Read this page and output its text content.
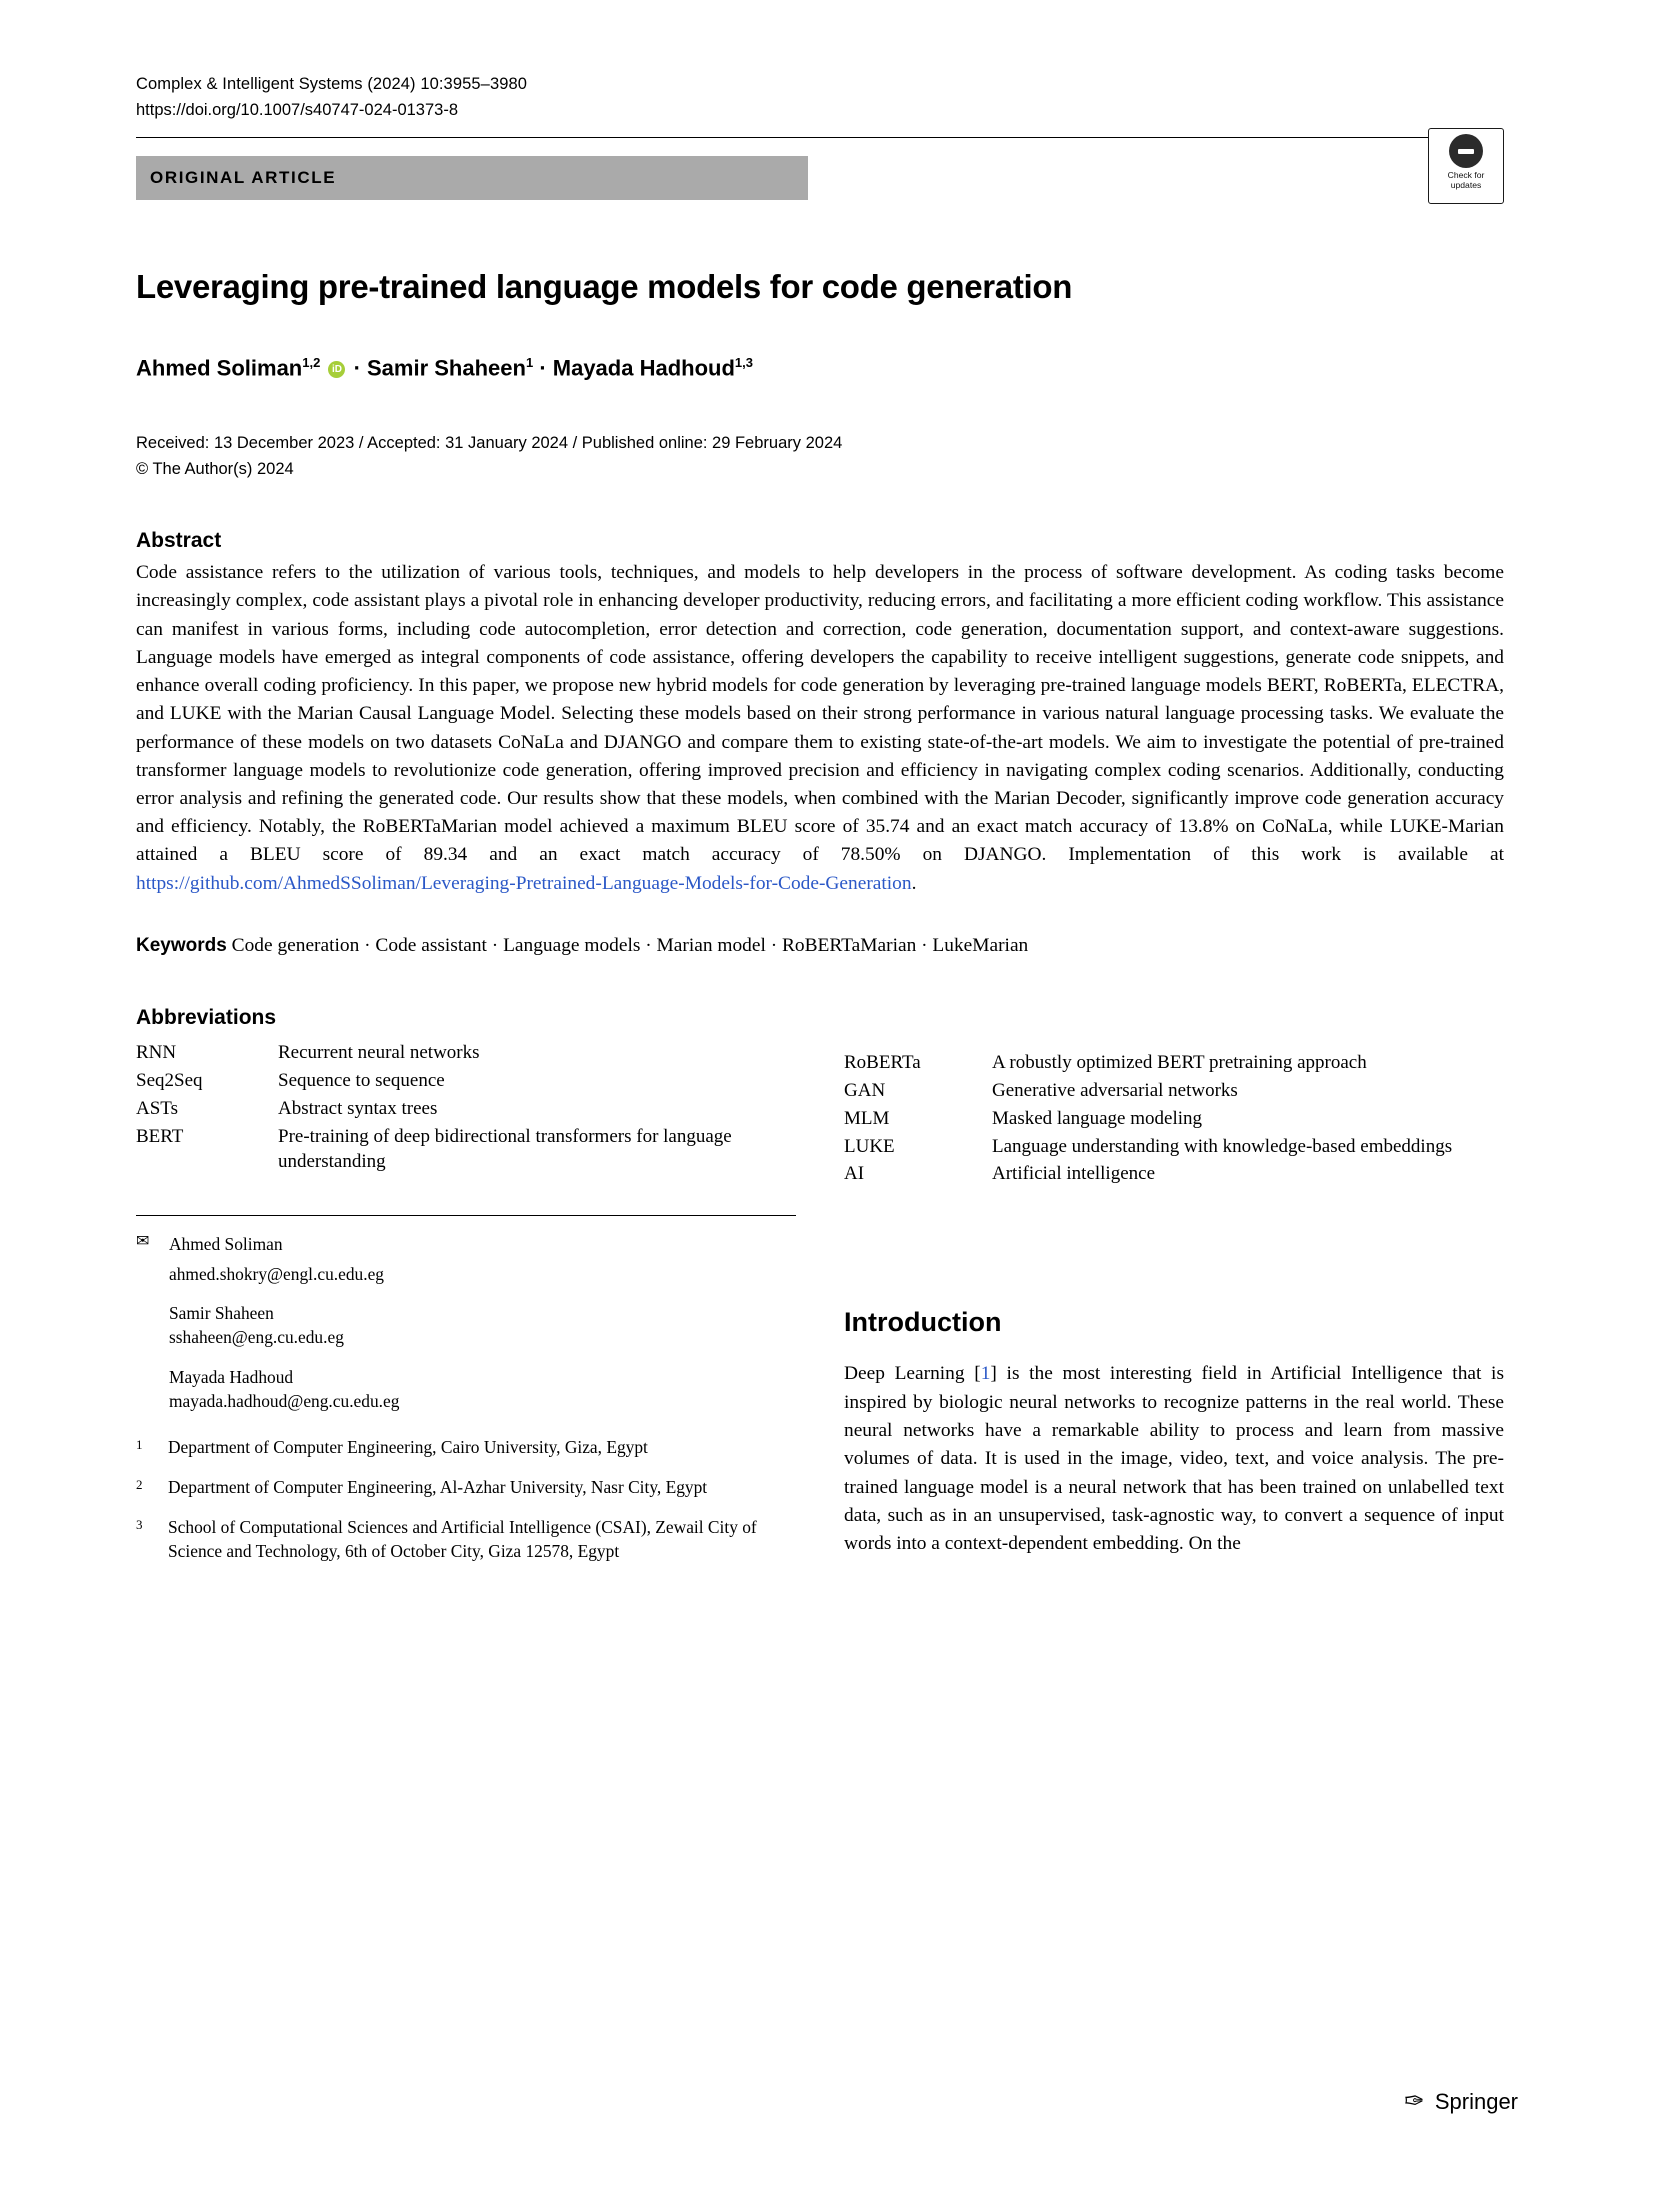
Complex & Intelligent Systems (2024) 10:3955–3980
https://doi.org/10.1007/s40747-024-01373-8
ORIGINAL ARTICLE	Check for
updates
Leveraging pre-trained language models for code generation
Ahmed Soliman$^{1,2}$ iD · Samir Shaheen$^1$ · Mayada Hadhoud$^{1,3}$
Received: 13 December 2023 / Accepted: 31 January 2024 / Published online: 29 February 2024
© The Author(s) 2024
Abstract

Code assistance refers to the utilization of various tools, techniques, and models to help developers in the process of software development. As coding tasks become increasingly complex, code assistant plays a pivotal role in enhancing developer productivity, reducing errors, and facilitating a more efficient coding workflow. This assistance can manifest in various forms, including code autocompletion, error detection and correction, code generation, documentation support, and context-aware suggestions. Language models have emerged as integral components of code assistance, offering developers the capability to receive intelligent suggestions, generate code snippets, and enhance overall coding proficiency. In this paper, we propose new hybrid models for code generation by leveraging pre-trained language models BERT, RoBERTa, ELECTRA, and LUKE with the Marian Causal Language Model. Selecting these models based on their strong performance in various natural language processing tasks. We evaluate the performance of these models on two datasets CoNaLa and DJANGO and compare them to existing state-of-the-art models. We aim to investigate the potential of pre-trained transformer language models to revolutionize code generation, offering improved precision and efficiency in navigating complex coding scenarios. Additionally, conducting error analysis and refining the generated code. Our results show that these models, when combined with the Marian Decoder, significantly improve code generation accuracy and efficiency. Notably, the RoBERTaMarian model achieved a maximum BLEU score of 35.74 and an exact match accuracy of 13.8% on CoNaLa, while LUKE-Marian attained a BLEU score of 89.34 and an exact match accuracy of 78.50% on DJANGO. Implementation of this work is available at https://github.com/AhmedSSoliman/Leveraging-Pretrained-Language-Models-for-Code-Generation.

Keywords Code generation · Code assistant · Language models · Marian model · RoBERTaMarian · LukeMarian
Abbreviations
RNN	Recurrent neural networks
Seq2Seq	Sequence to sequence
ASTs	Abstract syntax trees
BERT	Pre-training of deep bidirectional transformers for language understanding
✉	Ahmed Soliman
ahmed.shokry@engl.cu.edu.eg
Samir Shaheen
sshaheen@eng.cu.edu.eg
Mayada Hadhoud
mayada.hadhoud@eng.cu.edu.eg
1	Department of Computer Engineering, Cairo University, Giza, Egypt
2	Department of Computer Engineering, Al-Azhar University, Nasr City, Egypt
3	School of Computational Sciences and Artificial Intelligence (CSAI), Zewail City of Science and Technology, 6th of October City, Giza 12578, Egypt
RoBERTa	A robustly optimized BERT pretraining approach
GAN	Generative adversarial networks
MLM	Masked language modeling
LUKE	Language understanding with knowledge-based embeddings
AI	Artificial intelligence
Introduction

Deep Learning [1] is the most interesting field in Artificial Intelligence that is inspired by biologic neural networks to recognize patterns in the real world. These neural networks have a remarkable ability to process and learn from massive volumes of data. It is used in the image, video, text, and voice analysis. The pre-trained language model is a neural network that has been trained on unlabelled text data, such as in an unsupervised, task-agnostic way, to convert a sequence of input words into a context-dependent embedding. On the

✑ Springer
